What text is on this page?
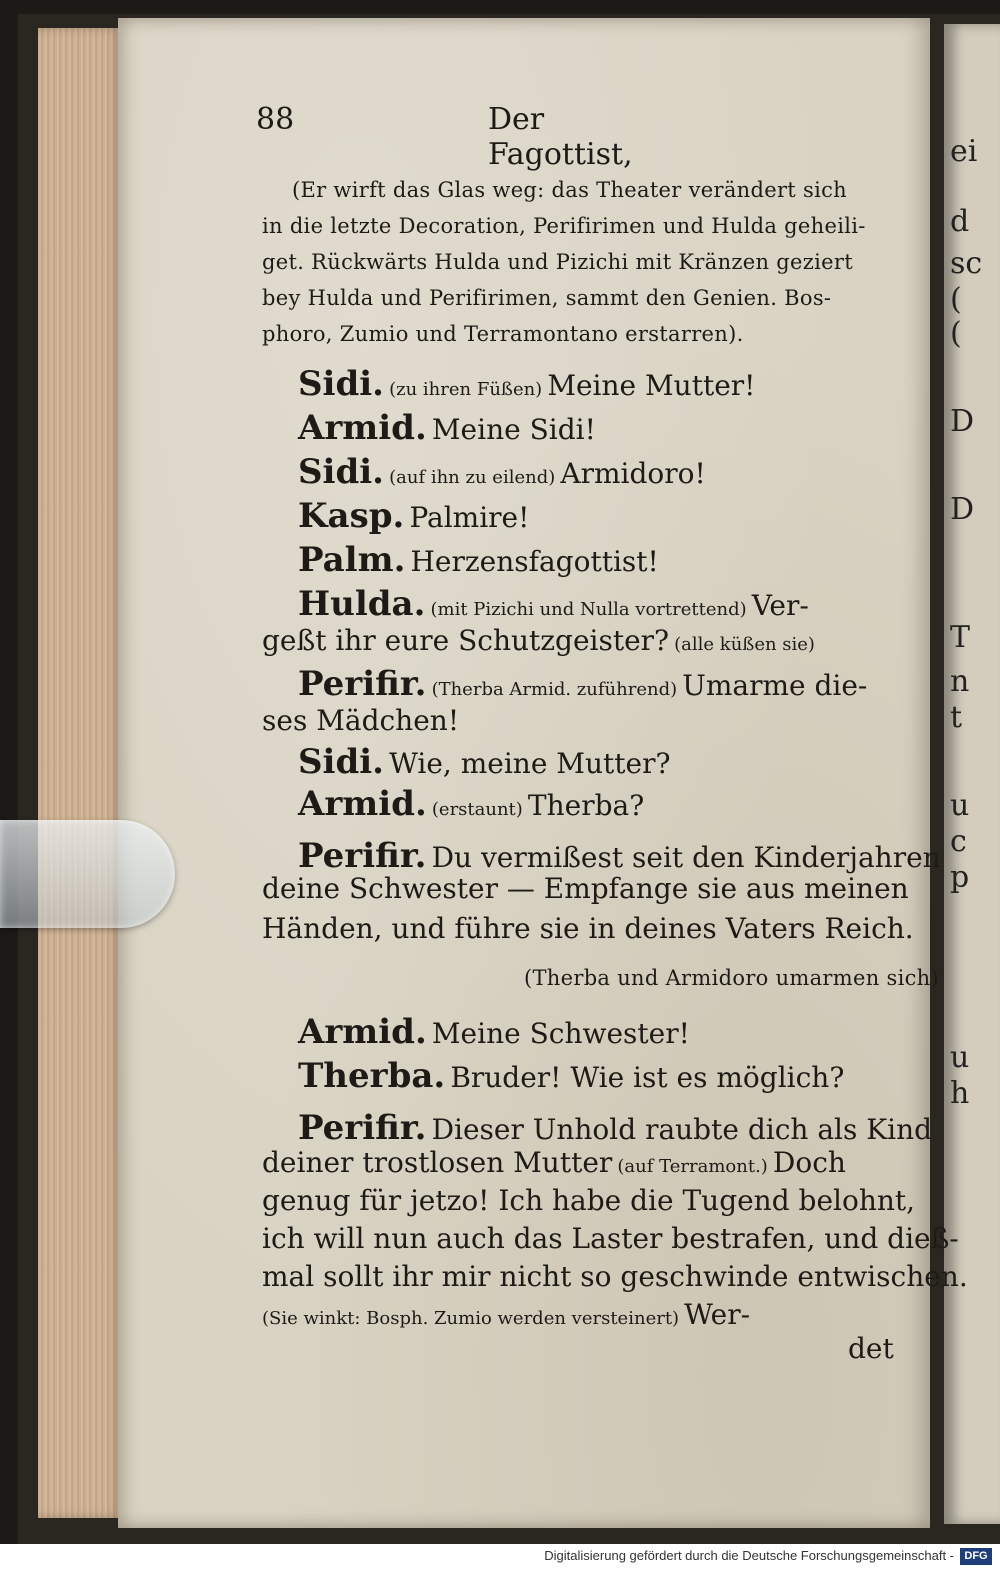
ei
d
sc
(
(
D
D
T
n
t
u
c
p
u
h
88	Der Fagottist,
(Er wirft das Glas weg: das Theater verändert sich
in die letzte Decoration, Perifirimen und Hulda geheili-
get. Rückwärts Hulda und Pizichi mit Kränzen geziert
bey Hulda und Perifirimen, sammt den Genien. Bos-
phoro, Zumio und Terramontano erstarren).
Sidi. (zu ihren Füßen) Meine Mutter!
Armid. Meine Sidi!
Sidi. (auf ihn zu eilend) Armidoro!
Kasp. Palmire!
Palm. Herzensfagottist!
Hulda. (mit Pizichi und Nulla vortrettend) Ver-
geßt ihr eure Schutzgeister? (alle küßen sie)
Perifir. (Therba Armid. zuführend) Umarme die-
ses Mädchen!
Sidi. Wie, meine Mutter?
Armid. (erstaunt) Therba?
Perifir. Du vermißest seit den Kinderjahren
deine Schwester — Empfange sie aus meinen
Händen, und führe sie in deines Vaters Reich.
(Therba und Armidoro umarmen sich)
Armid. Meine Schwester!
Therba. Bruder! Wie ist es möglich?
Perifir. Dieser Unhold raubte dich als Kind
deiner trostlosen Mutter (auf Terramont.) Doch
genug für jetzo! Ich habe die Tugend belohnt,
ich will nun auch das Laster bestrafen, und dieß-
mal sollt ihr mir nicht so geschwinde entwischen.
(Sie winkt: Bosph. Zumio werden versteinert) Wer-
det
Digitalisierung gefördert durch die Deutsche Forschungsgemeinschaft - DFG
